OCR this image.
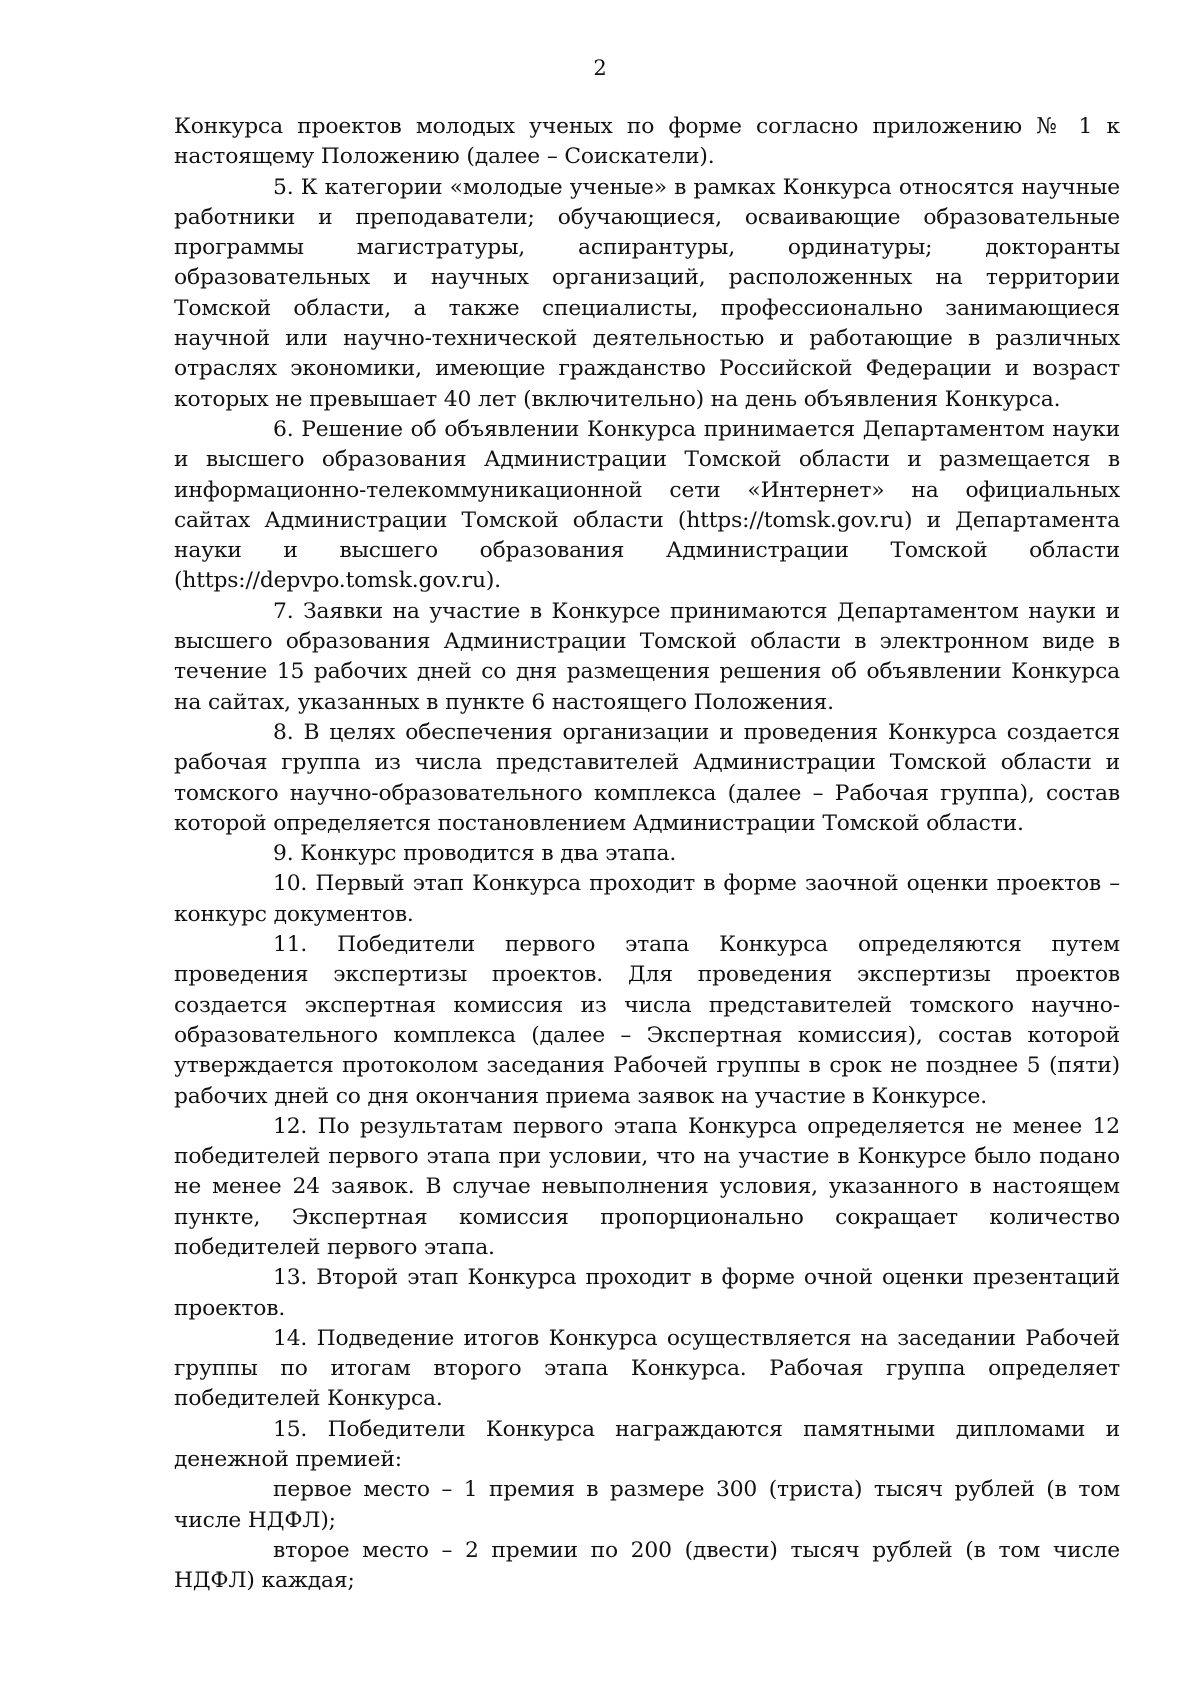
2

Конкурса проектов молодых ученых по форме согласно приложению № 1 к настоящему Положению (далее – Соискатели).

5. К категории «молодые ученые» в рамках Конкурса относятся научные работники и преподаватели; обучающиеся, осваивающие образовательные программы магистратуры, аспирантуры, ординатуры; докторанты образовательных и научных организаций, расположенных на территории Томской области, а также специалисты, профессионально занимающиеся научной или научно-технической деятельностью и работающие в различных отраслях экономики, имеющие гражданство Российской Федерации и возраст которых не превышает 40 лет (включительно) на день объявления Конкурса.

6. Решение об объявлении Конкурса принимается Департаментом науки и высшего образования Администрации Томской области и размещается в информационно-телекоммуникационной сети «Интернет» на официальных сайтах Администрации Томской области (https://tomsk.gov.ru) и Департамента науки и высшего образования Администрации Томской области (https://depvpo.tomsk.gov.ru).

7. Заявки на участие в Конкурсе принимаются Департаментом науки и высшего образования Администрации Томской области в электронном виде в течение 15 рабочих дней со дня размещения решения об объявлении Конкурса на сайтах, указанных в пункте 6 настоящего Положения.

8. В целях обеспечения организации и проведения Конкурса создается рабочая группа из числа представителей Администрации Томской области и томского научно-образовательного комплекса (далее – Рабочая группа), состав которой определяется постановлением Администрации Томской области.

9. Конкурс проводится в два этапа.

10. Первый этап Конкурса проходит в форме заочной оценки проектов – конкурс документов.

11. Победители первого этапа Конкурса определяются путем проведения экспертизы проектов. Для проведения экспертизы проектов создается экспертная комиссия из числа представителей томского научно-образовательного комплекса (далее – Экспертная комиссия), состав которой утверждается протоколом заседания Рабочей группы в срок не позднее 5 (пяти) рабочих дней со дня окончания приема заявок на участие в Конкурсе.

12. По результатам первого этапа Конкурса определяется не менее 12 победителей первого этапа при условии, что на участие в Конкурсе было подано не менее 24 заявок. В случае невыполнения условия, указанного в настоящем пункте, Экспертная комиссия пропорционально сокращает количество победителей первого этапа.

13. Второй этап Конкурса проходит в форме очной оценки презентаций проектов.

14. Подведение итогов Конкурса осуществляется на заседании Рабочей группы по итогам второго этапа Конкурса. Рабочая группа определяет победителей Конкурса.

15. Победители Конкурса награждаются памятными дипломами и денежной премией:

первое место – 1 премия в размере 300 (триста) тысяч рублей (в том числе НДФЛ);

второе место – 2 премии по 200 (двести) тысяч рублей (в том числе НДФЛ) каждая;
